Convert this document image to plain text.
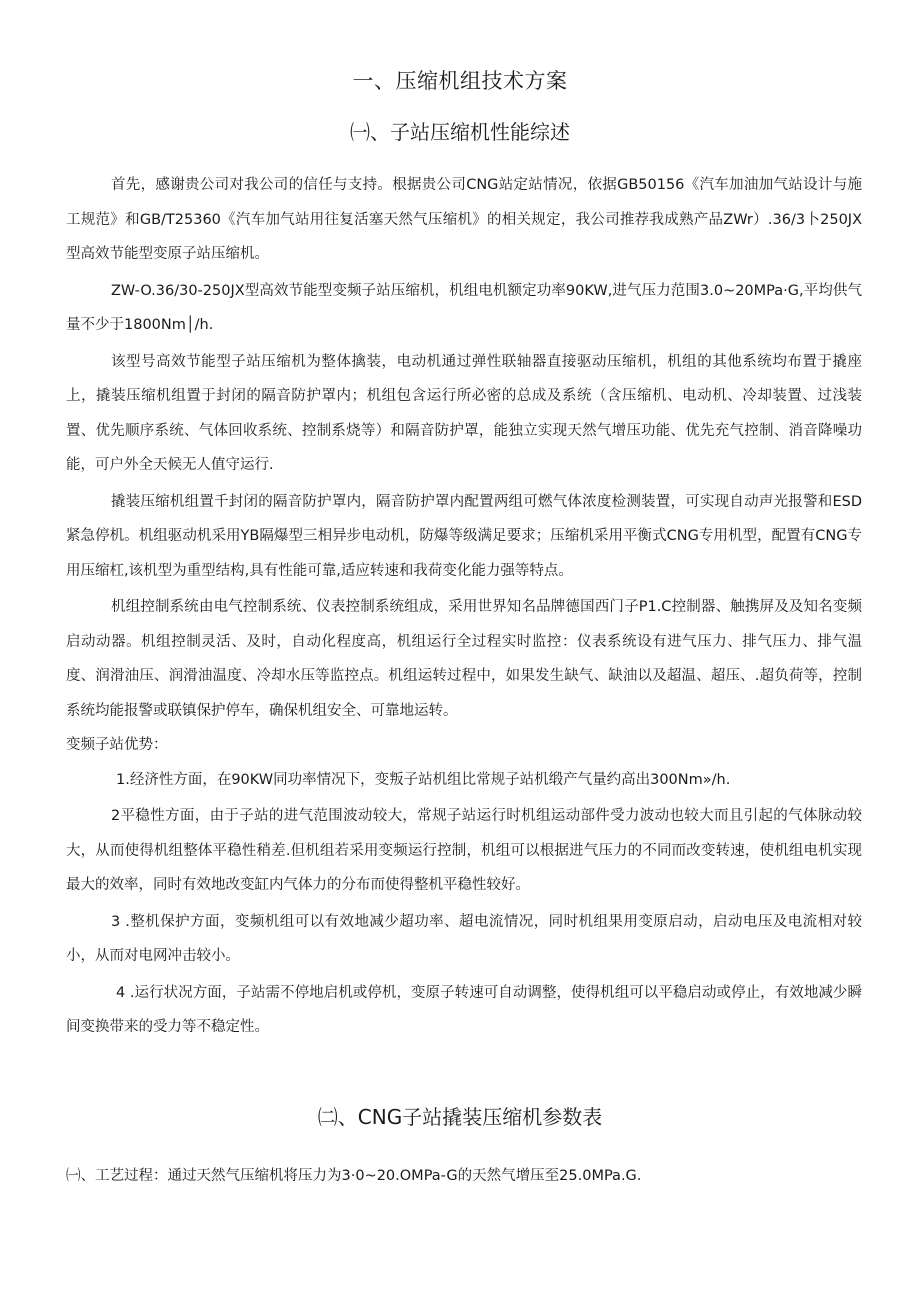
一、压缩机组技术方案
㈠、子站压缩机性能综述

首先，感谢贵公司对我公司的信任与支持。根据贵公司CNG站定站情况，依据GB50156《汽车加油加气站设计与施工规范》和GB/T25360《汽车加气站用往复活塞天然气压缩机》的相关规定，我公司推荐我成熟产品ZWr）.36/3卜250JX型高效节能型变原子站压缩机。

ZW-O.36/30-250JX型高效节能型变频子站压缩机，机组电机额定功率90KW,进气压力范围3.0~20MPa·G,平均供气量不少于1800Nm│/h.

该型号高效节能型子站压缩机为整体擒装，电动机通过弹性联轴器直接驱动压缩机，机组的其他系统均布置于撬座上，撬装压缩机组置于封闭的隔音防护罩内；机组包含运行所必密的总成及系统（含压缩机、电动机、冷却装置、过浅装置、优先顺序系统、气体回收系统、控制系烧等）和隔音防护罩，能独立实现天然气增压功能、优先充气控制、消音降噪功能，可户外全天候无人值守运行.

撬装压缩机组置千封闭的隔音防护罩内，隔音防护罩内配置两组可燃气体浓度检测装置，可实现自动声光报警和ESD紧急停机。机组驱动机采用YB隔爆型三相异步电动机，防爆等级满足要求；压缩机采用平衡式CNG专用机型，配置有CNG专用压缩杠,该机型为重型结构,具有性能可靠,适应转速和我荷变化能力强等特点。

机组控制系统由电气控制系统、仪表控制系统组成，采用世界知名品牌德国西门子P1.C控制器、触携屏及及知名变频启动动器。机组控制灵活、及时，自动化程度高，机组运行全过程实时监控：仪表系统设有进气压力、排气压力、排气温度、润滑油压、润滑油温度、冷却水压等监控点。机组运转过程中，如果发生缺气、缺油以及超温、超压、.超负荷等，控制系统均能报警或联镇保护停车，确保机组安全、可靠地运转。

变频子站优势：

1.经济性方面，在90KW同功率情况下，变叛子站机组比常规子站机缎产气量约高出300Nm»/h.

2平稳性方面，由于子站的进气范围波动较大，常规子站运行时机组运动部件受力波动也较大而且引起的气体脉动较大，从而使得机组整体平稳性稍差.但机组若采用变频运行控制，机组可以根据进气压力的不同而改变转速，使机组电机实现最大的效率，同时有效地改变缸内气体力的分布而使得整机平稳性较好。

3 .整机保护方面，变频机组可以有效地减少超功率、超电流情况，同时机组果用变原启动，启动电压及电流相对较小，从而对电网冲击较小。

4 .运行状况方面，子站需不停地启机或停机，变原子转速可自动调整，使得机组可以平稳启动或停止，有效地减少瞬间变换带来的受力等不稳定性。

㈡、CNG子站撬装压缩机参数表
㈠、工艺过程：通过天然气压缩机将压力为3·0~20.OMPa-G的天然气增压至25.0MPa.G.
